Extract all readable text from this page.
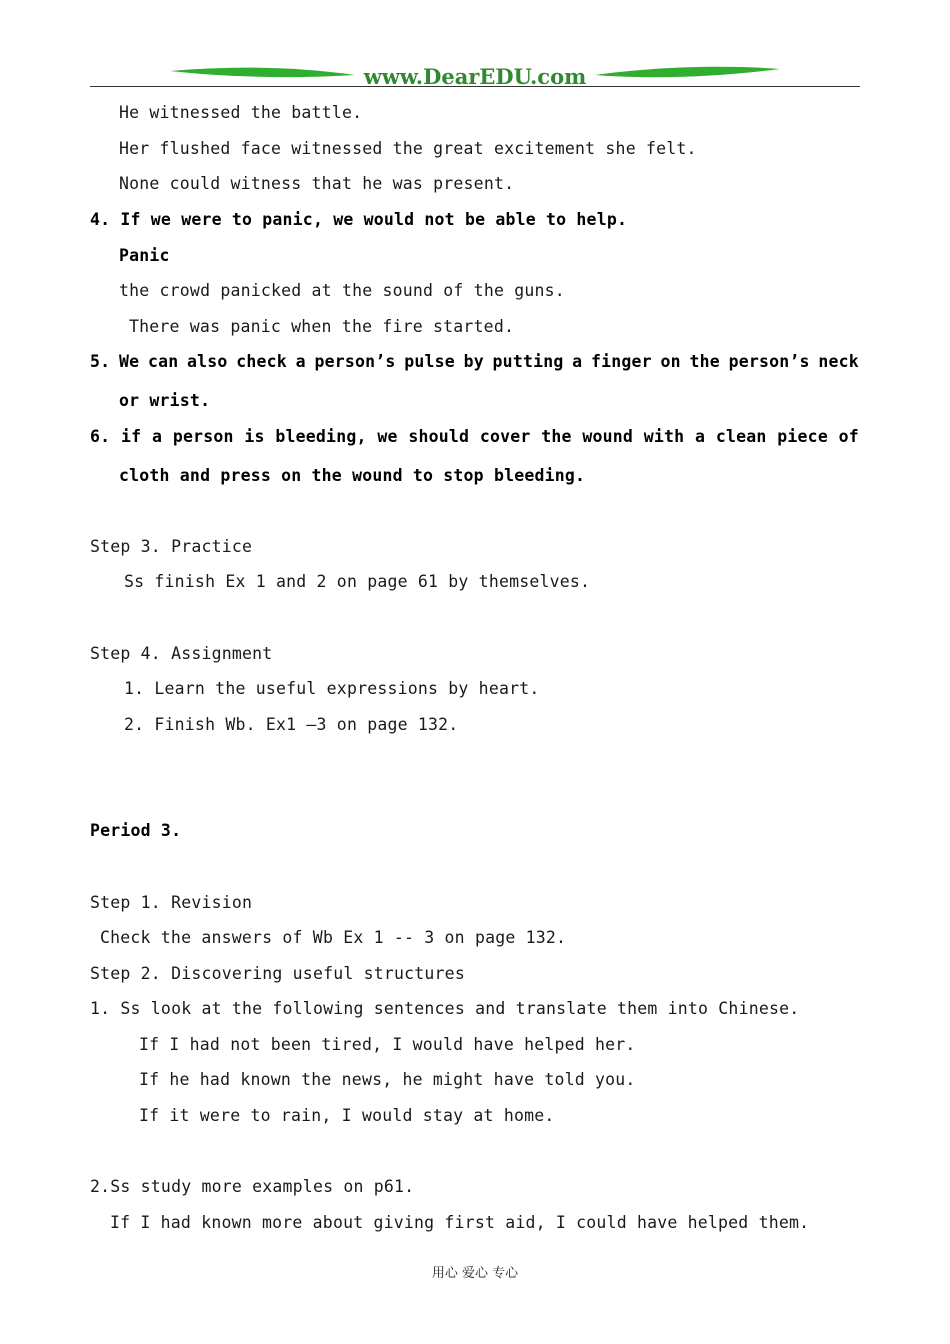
www.DearEDU.com
He witnessed the battle.
Her flushed face witnessed the great excitement she felt.
None could witness that he was present.
4. If we were to panic, we would not be able to help.
Panic
the crowd panicked at the sound of the guns.
There was panic when the fire started.
5. We can also check a person’s pulse by putting a finger on the person’s neck
or wrist.
6. if a person is bleeding, we should cover the wound with a clean piece of
cloth and press on the wound to stop bleeding.
Step 3. Practice
Ss finish Ex 1 and 2 on page 61 by themselves.
Step 4. Assignment
1. Learn the useful expressions by heart.
2. Finish Wb. Ex1 –3 on page 132.
Period 3.
Step 1. Revision
Check the answers of Wb Ex 1 -- 3 on page 132.
Step 2. Discovering useful structures
1. Ss look at the following sentences and translate them into Chinese.
If I had not been tired, I would have helped her.
If he had known the news, he might have told you.
If it were to rain, I would stay at home.
2.Ss study more examples on p61.
If I had known more about giving first aid, I could have helped them.
用心 爱心 专心
